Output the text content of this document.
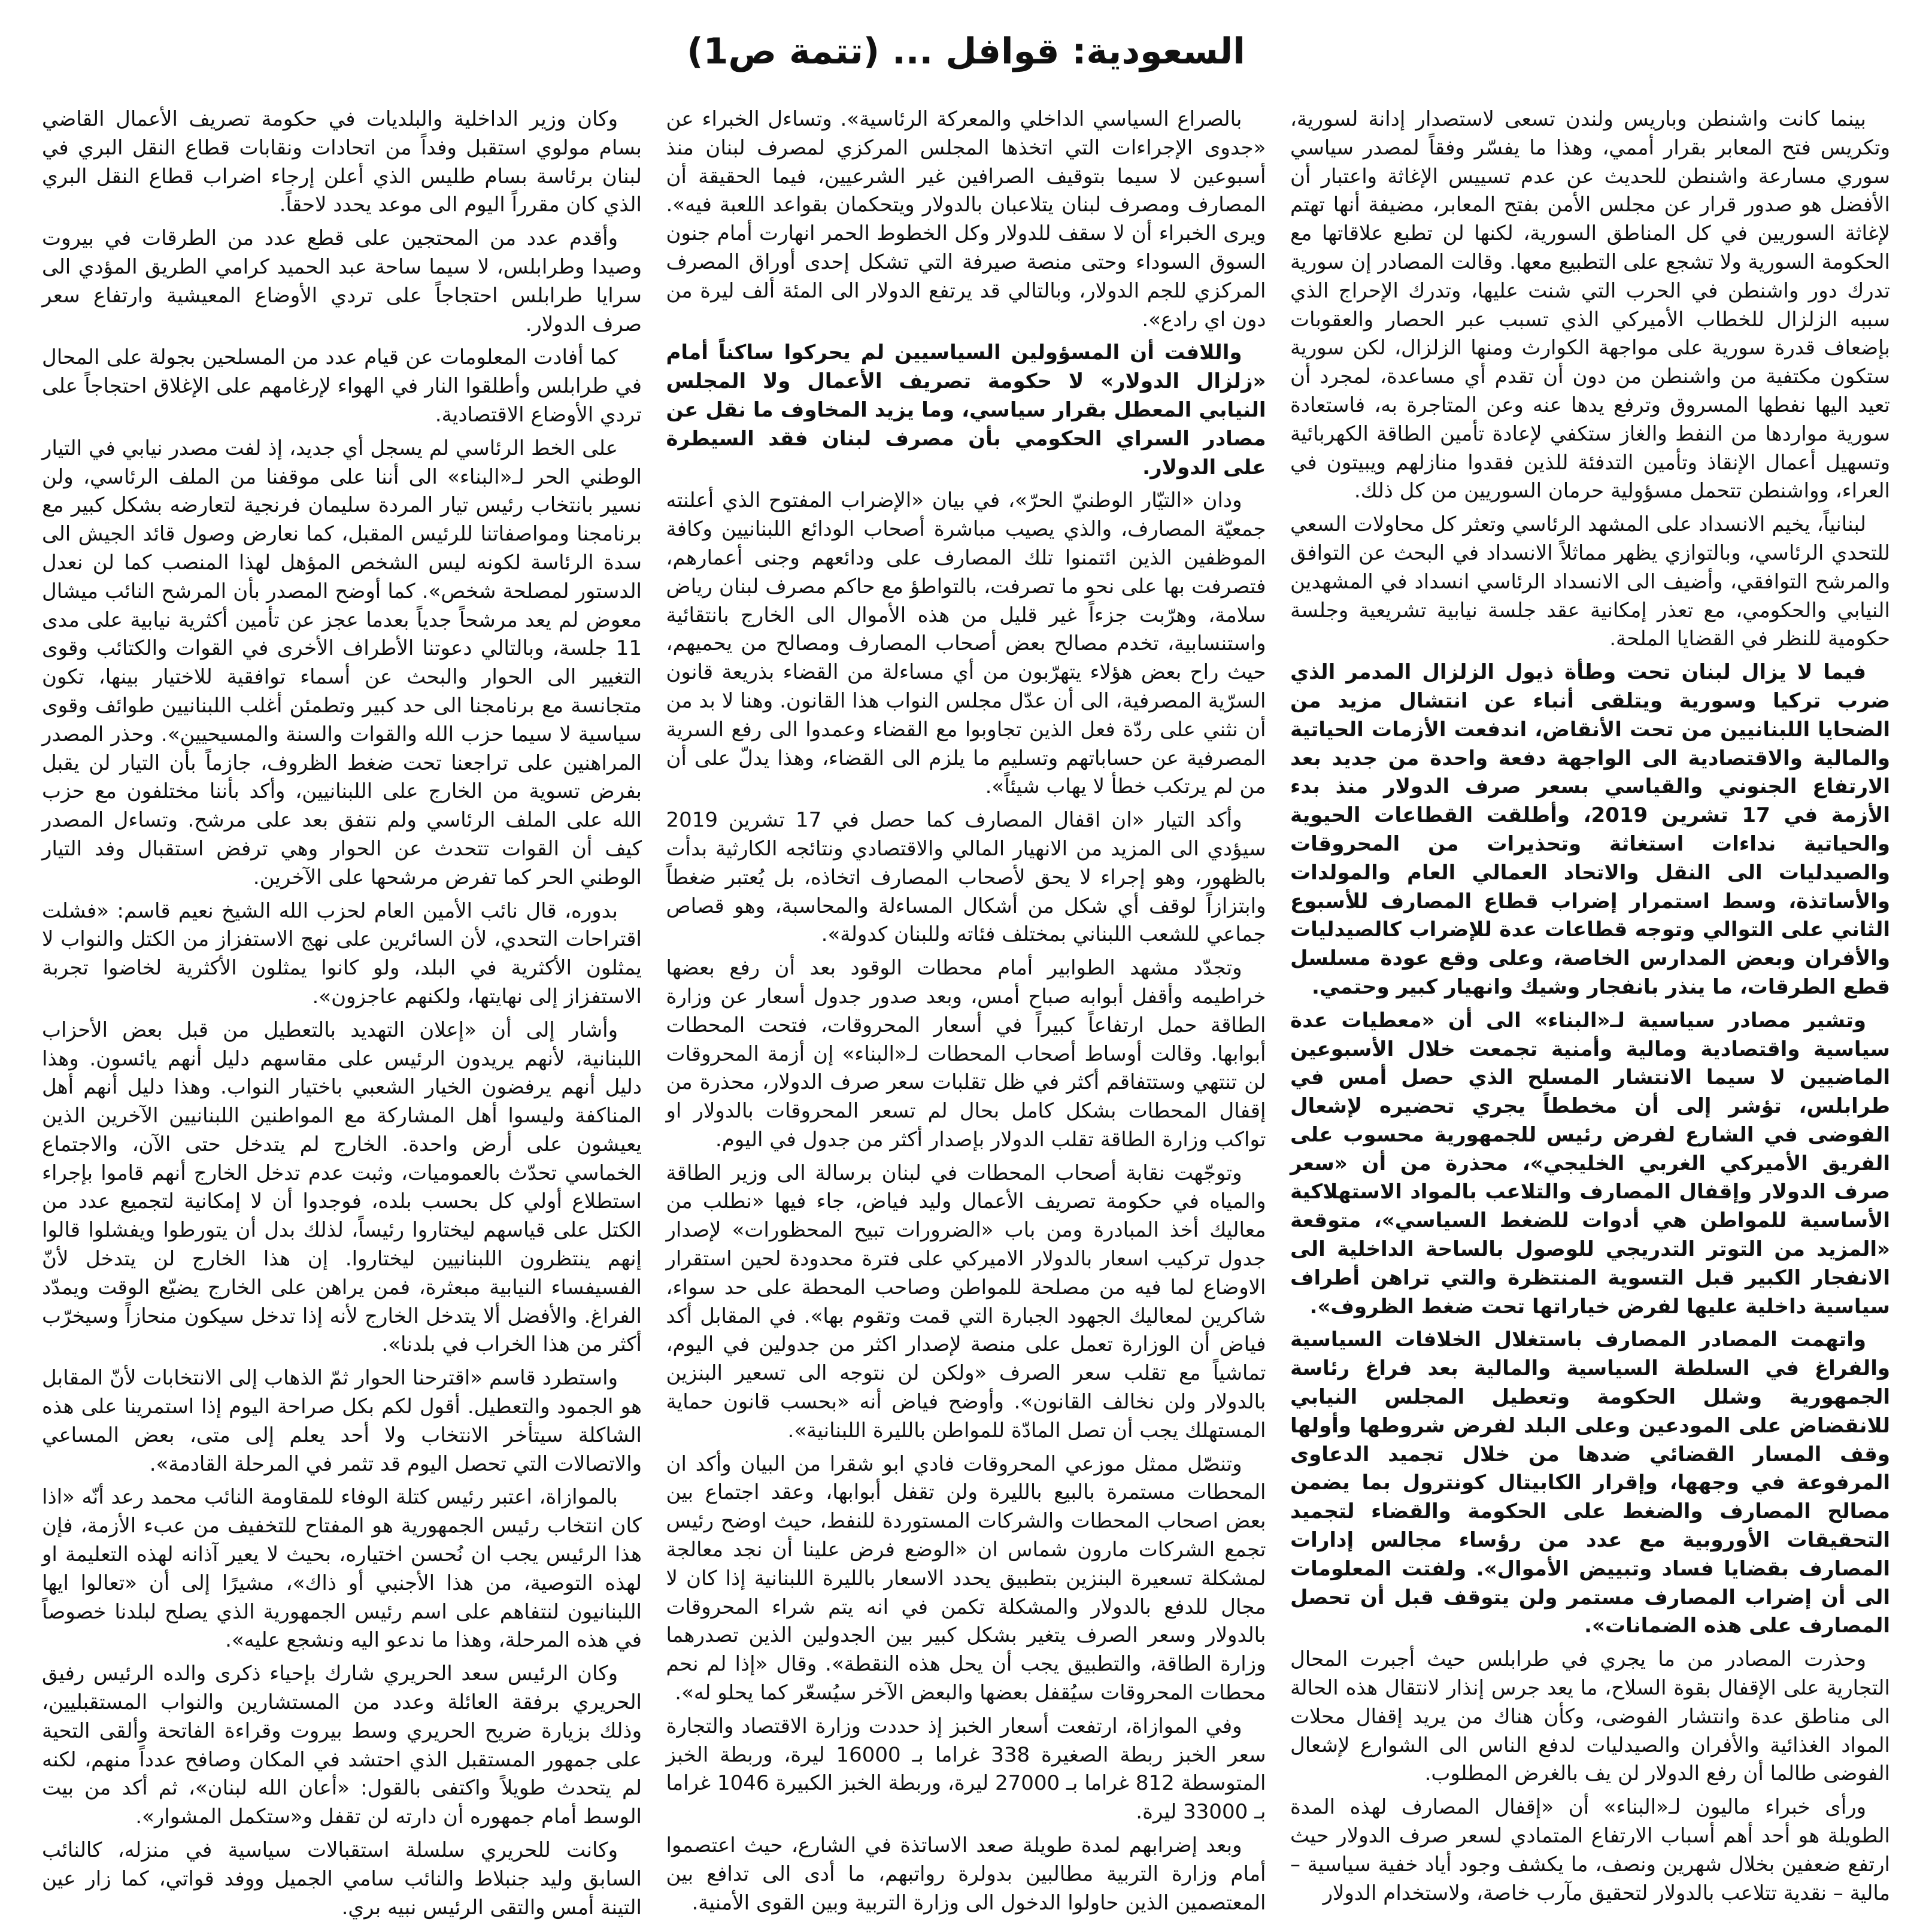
السعودية: قوافل ... (تتمة ص1)

بينما كانت واشنطن وباريس ولندن تسعى لاستصدار إدانة لسورية، وتكريس فتح المعابر بقرار أممي، وهذا ما يفسّر وفقاً لمصدر سياسي سوري مسارعة واشنطن للحديث عن عدم تسييس الإغاثة واعتبار أن الأفضل هو صدور قرار عن مجلس الأمن بفتح المعابر، مضيفة أنها تهتم لإغاثة السوريين في كل المناطق السورية، لكنها لن تطبع علاقاتها مع الحكومة السورية ولا تشجع على التطبيع معها. وقالت المصادر إن سورية تدرك دور واشنطن في الحرب التي شنت عليها، وتدرك الإحراج الذي سببه الزلزال للخطاب الأميركي الذي تسبب عبر الحصار والعقوبات بإضعاف قدرة سورية على مواجهة الكوارث ومنها الزلزال، لكن سورية ستكون مكتفية من واشنطن من دون أن تقدم أي مساعدة، لمجرد أن تعيد اليها نفطها المسروق وترفع يدها عنه وعن المتاجرة به، فاستعادة سورية مواردها من النفط والغاز ستكفي لإعادة تأمين الطاقة الكهربائية وتسهيل أعمال الإنقاذ وتأمين التدفئة للذين فقدوا منازلهم ويبيتون في العراء، وواشنطن تتحمل مسؤولية حرمان السوريين من كل ذلك.

لبنانياً، يخيم الانسداد على المشهد الرئاسي وتعثر كل محاولات السعي للتحدي الرئاسي، وبالتوازي يظهر مماثلاً الانسداد في البحث عن التوافق والمرشح التوافقي، وأضيف الى الانسداد الرئاسي انسداد في المشهدين النيابي والحكومي، مع تعذر إمكانية عقد جلسة نيابية تشريعية وجلسة حكومية للنظر في القضايا الملحة.

فيما لا يزال لبنان تحت وطأة ذيول الزلزال المدمر الذي ضرب تركيا وسورية ويتلقى أنباء عن انتشال مزيد من الضحايا اللبنانيين من تحت الأنقاض، اندفعت الأزمات الحياتية والمالية والاقتصادية الى الواجهة دفعة واحدة من جديد بعد الارتفاع الجنوني والقياسي بسعر صرف الدولار منذ بدء الأزمة في 17 تشرين 2019، وأطلقت القطاعات الحيوية والحياتية نداءات استغاثة وتحذيرات من المحروقات والصيدليات الى النقل والاتحاد العمالي العام والمولدات والأساتذة، وسط استمرار إضراب قطاع المصارف للأسبوع الثاني على التوالي وتوجه قطاعات عدة للإضراب كالصيدليات والأفران وبعض المدارس الخاصة، وعلى وقع عودة مسلسل قطع الطرقات، ما ينذر بانفجار وشيك وانهيار كبير وحتمي.

وتشير مصادر سياسية لـ«البناء» الى أن «معطيات عدة سياسية واقتصادية ومالية وأمنية تجمعت خلال الأسبوعين الماضيين لا سيما الانتشار المسلح الذي حصل أمس في طرابلس، تؤشر إلى أن مخططاً يجري تحضيره لإشعال الفوضى في الشارع لفرض رئيس للجمهورية محسوب على الفريق الأميركي الغربي الخليجي»، محذرة من أن «سعر صرف الدولار وإقفال المصارف والتلاعب بالمواد الاستهلاكية الأساسية للمواطن هي أدوات للضغط السياسي»، متوقعة «المزيد من التوتر التدريجي للوصول بالساحة الداخلية الى الانفجار الكبير قبل التسوية المنتظرة والتي تراهن أطراف سياسية داخلية عليها لفرض خياراتها تحت ضغط الظروف».

واتهمت المصادر المصارف باستغلال الخلافات السياسية والفراغ في السلطة السياسية والمالية بعد فراغ رئاسة الجمهورية وشلل الحكومة وتعطيل المجلس النيابي للانقضاض على المودعين وعلى البلد لفرض شروطها وأولها وقف المسار القضائي ضدها من خلال تجميد الدعاوى المرفوعة في وجهها، وإقرار الكابيتال كونترول بما يضمن مصالح المصارف والضغط على الحكومة والقضاء لتجميد التحقيقات الأوروبية مع عدد من رؤساء مجالس إدارات المصارف بقضايا فساد وتبييض الأموال». ولفتت المعلومات الى أن إضراب المصارف مستمر ولن يتوقف قبل أن تحصل المصارف على هذه الضمانات».

وحذرت المصادر من ما يجري في طرابلس حيث أجبرت المحال التجارية على الإقفال بقوة السلاح، ما يعد جرس إنذار لانتقال هذه الحالة الى مناطق عدة وانتشار الفوضى، وكأن هناك من يريد إقفال محلات المواد الغذائية والأفران والصيدليات لدفع الناس الى الشوارع لإشعال الفوضى طالما أن رفع الدولار لن يف بالغرض المطلوب.

ورأى خبراء ماليون لـ«البناء» أن «إقفال المصارف لهذه المدة الطويلة هو أحد أهم أسباب الارتفاع المتمادي لسعر صرف الدولار حيث ارتفع ضعفين بخلال شهرين ونصف، ما يكشف وجود أياد خفية سياسية – مالية – نقدية تتلاعب بالدولار لتحقيق مآرب خاصة، ولاستخدام الدولار

بالصراع السياسي الداخلي والمعركة الرئاسية». وتساءل الخبراء عن «جدوى الإجراءات التي اتخذها المجلس المركزي لمصرف لبنان منذ أسبوعين لا سيما بتوقيف الصرافين غير الشرعيين، فيما الحقيقة أن المصارف ومصرف لبنان يتلاعبان بالدولار ويتحكمان بقواعد اللعبة فيه». ويرى الخبراء أن لا سقف للدولار وكل الخطوط الحمر انهارت أمام جنون السوق السوداء وحتى منصة صيرفة التي تشكل إحدى أوراق المصرف المركزي للجم الدولار، وبالتالي قد يرتفع الدولار الى المئة ألف ليرة من دون اي رادع».

واللافت أن المسؤولين السياسيين لم يحركوا ساكناً أمام «زلزال الدولار» لا حكومة تصريف الأعمال ولا المجلس النيابي المعطل بقرار سياسي، وما يزيد المخاوف ما نقل عن مصادر السراي الحكومي بأن مصرف لبنان فقد السيطرة على الدولار.

ودان «التيّار الوطنيّ الحرّ»، في بيان «الإضراب المفتوح الذي أعلنته جمعيّة المصارف، والذي يصيب مباشرة أصحاب الودائع اللبنانيين وكافة الموظفين الذين ائتمنوا تلك المصارف على ودائعهم وجنى أعمارهم، فتصرفت بها على نحو ما تصرفت، بالتواطؤ مع حاكم مصرف لبنان رياض سلامة، وهرّبت جزءاً غير قليل من هذه الأموال الى الخارج بانتقائية واستنسابية، تخدم مصالح بعض أصحاب المصارف ومصالح من يحميهم، حيث راح بعض هؤلاء يتهرّبون من أي مساءلة من القضاء بذريعة قانون السرّية المصرفية، الى أن عدّل مجلس النواب هذا القانون. وهنا لا بد من أن نثني على ردّة فعل الذين تجاوبوا مع القضاء وعمدوا الى رفع السرية المصرفية عن حساباتهم وتسليم ما يلزم الى القضاء، وهذا يدلّ على أن من لم يرتكب خطأ لا يهاب شيئاً».

وأكد التيار «ان اقفال المصارف كما حصل في 17 تشرين 2019 سيؤدي الى المزيد من الانهيار المالي والاقتصادي ونتائجه الكارثية بدأت بالظهور، وهو إجراء لا يحق لأصحاب المصارف اتخاذه، بل يُعتبر ضغطاً وابتزازاً لوقف أي شكل من أشكال المساءلة والمحاسبة، وهو قصاص جماعي للشعب اللبناني بمختلف فئاته وللبنان كدولة».

وتجدّد مشهد الطوابير أمام محطات الوقود بعد أن رفع بعضها خراطيمه وأقفل أبوابه صباح أمس، وبعد صدور جدول أسعار عن وزارة الطاقة حمل ارتفاعاً كبيراً في أسعار المحروقات، فتحت المحطات أبوابها. وقالت أوساط أصحاب المحطات لـ«البناء» إن أزمة المحروقات لن تنتهي وستتفاقم أكثر في ظل تقلبات سعر صرف الدولار، محذرة من إقفال المحطات بشكل كامل بحال لم تسعر المحروقات بالدولار او تواكب وزارة الطاقة تقلب الدولار بإصدار أكثر من جدول في اليوم.

وتوجّهت نقابة أصحاب المحطات في لبنان برسالة الى وزير الطاقة والمياه في حكومة تصريف الأعمال وليد فياض، جاء فيها «نطلب من معاليك أخذ المبادرة ومن باب «الضرورات تبيح المحظورات» لإصدار جدول تركيب اسعار بالدولار الاميركي على فترة محدودة لحين استقرار الاوضاع لما فيه من مصلحة للمواطن وصاحب المحطة على حد سواء، شاكرين لمعاليك الجهود الجبارة التي قمت وتقوم بها». في المقابل أكد فياض أن الوزارة تعمل على منصة لإصدار اكثر من جدولين في اليوم، تماشياً مع تقلب سعر الصرف «ولكن لن نتوجه الى تسعير البنزين بالدولار ولن نخالف القانون». وأوضح فياض أنه «بحسب قانون حماية المستهلك يجب أن تصل المادّة للمواطن بالليرة اللبنانية».

وتنصّل ممثل موزعي المحروقات فادي ابو شقرا من البيان وأكد ان المحطات مستمرة بالبيع بالليرة ولن تقفل أبوابها، وعقد اجتماع بين بعض اصحاب المحطات والشركات المستوردة للنفط، حيث اوضح رئيس تجمع الشركات مارون شماس ان «الوضع فرض علينا أن نجد معالجة لمشكلة تسعيرة البنزين بتطبيق يحدد الاسعار بالليرة اللبنانية إذا كان لا مجال للدفع بالدولار والمشكلة تكمن في انه يتم شراء المحروقات بالدولار وسعر الصرف يتغير بشكل كبير بين الجدولين الذين تصدرهما وزارة الطاقة، والتطبيق يجب أن يحل هذه النقطة». وقال «إذا لم نحم محطات المحروقات سيُقفل بعضها والبعض الآخر سيُسعّر كما يحلو له».

وفي الموازاة، ارتفعت أسعار الخبز إذ حددت وزارة الاقتصاد والتجارة سعر الخبز ربطة الصغيرة 338 غراما بـ 16000 ليرة، وربطة الخبز المتوسطة 812 غراما بـ 27000 ليرة، وربطة الخبز الكبيرة 1046 غراما بـ 33000 ليرة.

وبعد إضرابهم لمدة طويلة صعد الاساتذة في الشارع، حيث اعتصموا أمام وزارة التربية مطالبين بدولرة رواتبهم، ما أدى الى تدافع بين المعتصمين الذين حاولوا الدخول الى وزارة التربية وبين القوى الأمنية.

وكان وزير الداخلية والبلديات في حكومة تصريف الأعمال القاضي بسام مولوي استقبل وفداً من اتحادات ونقابات قطاع النقل البري في لبنان برئاسة بسام طليس الذي أعلن إرجاء اضراب قطاع النقل البري الذي كان مقرراً اليوم الى موعد يحدد لاحقاً.

وأقدم عدد من المحتجين على قطع عدد من الطرقات في بيروت وصيدا وطرابلس، لا سيما ساحة عبد الحميد كرامي الطريق المؤدي الى سرايا طرابلس احتجاجاً على تردي الأوضاع المعيشية وارتفاع سعر صرف الدولار.

كما أفادت المعلومات عن قيام عدد من المسلحين بجولة على المحال في طرابلس وأطلقوا النار في الهواء لإرغامهم على الإغلاق احتجاجاً على تردي الأوضاع الاقتصادية.

على الخط الرئاسي لم يسجل أي جديد، إذ لفت مصدر نيابي في التيار الوطني الحر لـ«البناء» الى أننا على موقفنا من الملف الرئاسي، ولن نسير بانتخاب رئيس تيار المردة سليمان فرنجية لتعارضه بشكل كبير مع برنامجنا ومواصفاتنا للرئيس المقبل، كما نعارض وصول قائد الجيش الى سدة الرئاسة لكونه ليس الشخص المؤهل لهذا المنصب كما لن نعدل الدستور لمصلحة شخص». كما أوضح المصدر بأن المرشح النائب ميشال معوض لم يعد مرشحاً جدياً بعدما عجز عن تأمين أكثرية نيابية على مدى 11 جلسة، وبالتالي دعوتنا الأطراف الأخرى في القوات والكتائب وقوى التغيير الى الحوار والبحث عن أسماء توافقية للاختيار بينها، تكون متجانسة مع برنامجنا الى حد كبير وتطمئن أغلب اللبنانيين طوائف وقوى سياسية لا سيما حزب الله والقوات والسنة والمسيحيين». وحذر المصدر المراهنين على تراجعنا تحت ضغط الظروف، جازماً بأن التيار لن يقبل بفرض تسوية من الخارج على اللبنانيين، وأكد بأننا مختلفون مع حزب الله على الملف الرئاسي ولم نتفق بعد على مرشح. وتساءل المصدر كيف أن القوات تتحدث عن الحوار وهي ترفض استقبال وفد التيار الوطني الحر كما تفرض مرشحها على الآخرين.

بدوره، قال نائب الأمين العام لحزب الله الشيخ نعيم قاسم: «فشلت اقتراحات التحدي، لأن السائرين على نهج الاستفزاز من الكتل والنواب لا يمثلون الأكثرية في البلد، ولو كانوا يمثلون الأكثرية لخاضوا تجربة الاستفزاز إلى نهايتها، ولكنهم عاجزون».

وأشار إلى أن «إعلان التهديد بالتعطيل من قبل بعض الأحزاب اللبنانية، لأنهم يريدون الرئيس على مقاسهم دليل أنهم يائسون. وهذا دليل أنهم يرفضون الخيار الشعبي باختيار النواب. وهذا دليل أنهم أهل المناكفة وليسوا أهل المشاركة مع المواطنين اللبنانيين الآخرين الذين يعيشون على أرض واحدة. الخارج لم يتدخل حتى الآن، والاجتماع الخماسي تحدّث بالعموميات، وثبت عدم تدخل الخارج أنهم قاموا بإجراء استطلاع أولي كل بحسب بلده، فوجدوا أن لا إمكانية لتجميع عدد من الكتل على قياسهم ليختاروا رئيساً، لذلك بدل أن يتورطوا ويفشلوا قالوا إنهم ينتظرون اللبنانيين ليختاروا. إن هذا الخارج لن يتدخل لأنّ الفسيفساء النيابية مبعثرة، فمن يراهن على الخارج يضيّع الوقت ويمدّد الفراغ. والأفضل ألا يتدخل الخارج لأنه إذا تدخل سيكون منحازاً وسيخرّب أكثر من هذا الخراب في بلدنا».

واستطرد قاسم «اقترحنا الحوار ثمّ الذهاب إلى الانتخابات لأنّ المقابل هو الجمود والتعطيل. أقول لكم بكل صراحة اليوم إذا استمرينا على هذه الشاكلة سيتأخر الانتخاب ولا أحد يعلم إلى متى، بعض المساعي والاتصالات التي تحصل اليوم قد تثمر في المرحلة القادمة».

بالموازاة، اعتبر رئيس كتلة الوفاء للمقاومة النائب محمد رعد أنّه «اذا كان انتخاب رئيس الجمهورية هو المفتاح للتخفيف من عبء الأزمة، فإن هذا الرئيس يجب ان نُحسن اختياره، بحيث لا يعير آذانه لهذه التعليمة او لهذه التوصية، من هذا الأجنبي أو ذاك»، مشيرًا إلى أن «تعالوا ايها اللبنانيون لنتفاهم على اسم رئيس الجمهورية الذي يصلح لبلدنا خصوصاً في هذه المرحلة، وهذا ما ندعو اليه ونشجع عليه».

وكان الرئيس سعد الحريري شارك بإحياء ذكرى والده الرئيس رفيق الحريري برفقة العائلة وعدد من المستشارين والنواب المستقبليين، وذلك بزيارة ضريح الحريري وسط بيروت وقراءة الفاتحة وألقى التحية على جمهور المستقبل الذي احتشد في المكان وصافح عدداً منهم، لكنه لم يتحدث طويلاً واكتفى بالقول: «أعان الله لبنان»، ثم أكد من بيت الوسط أمام جمهوره أن دارته لن تقفل و«ستكمل المشوار».

وكانت للحريري سلسلة استقبالات سياسية في منزله، كالنائب السابق وليد جنبلاط والنائب سامي الجميل ووفد قواتي، كما زار عين التينة أمس والتقى الرئيس نبيه بري.
